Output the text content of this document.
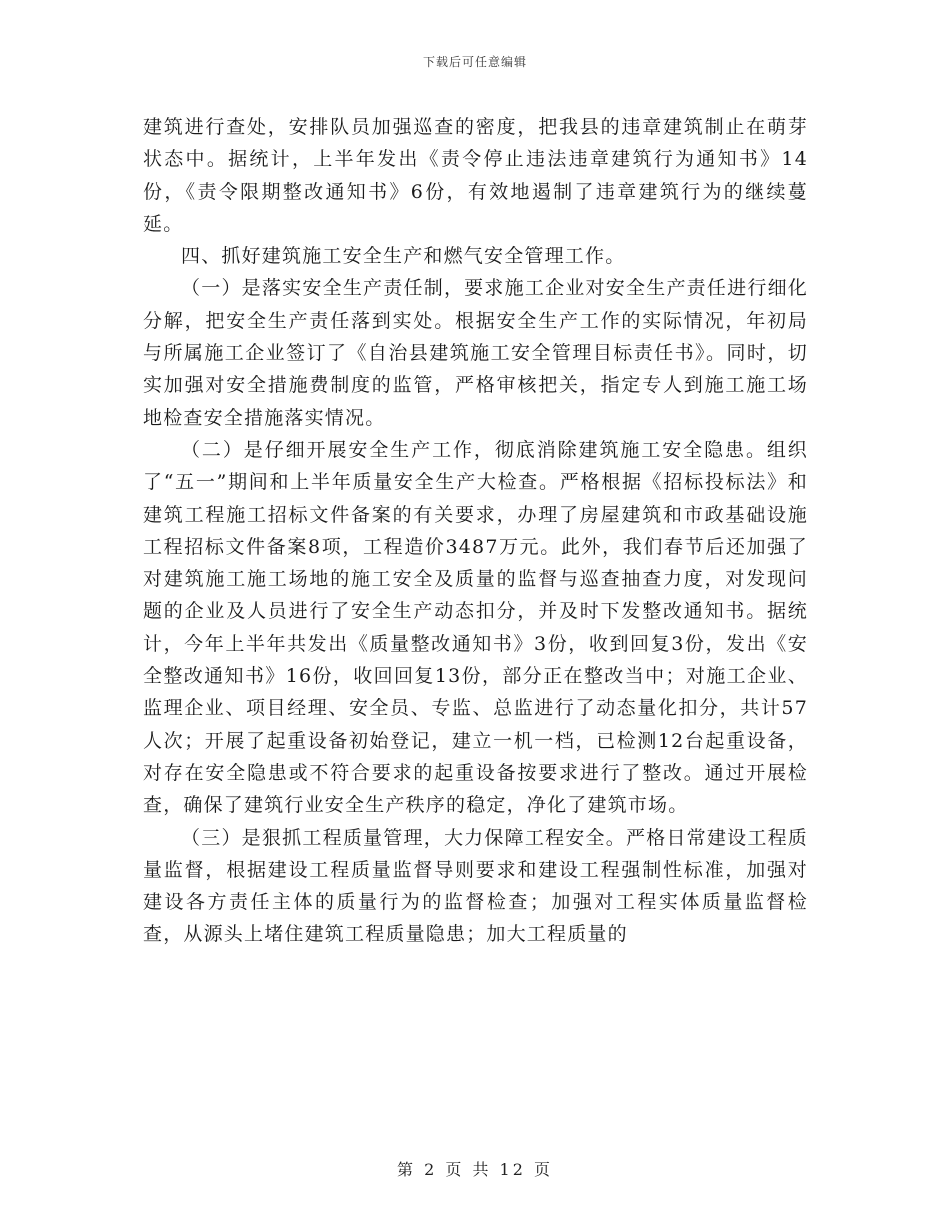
下载后可任意编辑

建筑进行查处，安排队员加强巡查的密度，把我县的违章建筑制止在萌芽状态中。据统计，上半年发出《责令停止违法违章建筑行为通知书》14份，《责令限期整改通知书》6份，有效地遏制了违章建筑行为的继续蔓延。

四、抓好建筑施工安全生产和燃气安全管理工作。

（一）是落实安全生产责任制，要求施工企业对安全生产责任进行细化分解，把安全生产责任落到实处。根据安全生产工作的实际情况，年初局与所属施工企业签订了《自治县建筑施工安全管理目标责任书》。同时，切实加强对安全措施费制度的监管，严格审核把关，指定专人到施工施工场地检查安全措施落实情况。

（二）是仔细开展安全生产工作，彻底消除建筑施工安全隐患。组织了“五一”期间和上半年质量安全生产大检查。严格根据《招标投标法》和建筑工程施工招标文件备案的有关要求，办理了房屋建筑和市政基础设施工程招标文件备案8项，工程造价3487万元。此外，我们春节后还加强了对建筑施工施工场地的施工安全及质量的监督与巡查抽查力度，对发现问题的企业及人员进行了安全生产动态扣分，并及时下发整改通知书。据统计，今年上半年共发出《质量整改通知书》3份，收到回复3份，发出《安全整改通知书》16份，收回回复13份，部分正在整改当中；对施工企业、监理企业、项目经理、安全员、专监、总监进行了动态量化扣分，共计57人次；开展了起重设备初始登记，建立一机一档，已检测12台起重设备，对存在安全隐患或不符合要求的起重设备按要求进行了整改。通过开展检查，确保了建筑行业安全生产秩序的稳定，净化了建筑市场。

（三）是狠抓工程质量管理，大力保障工程安全。严格日常建设工程质量监督，根据建设工程质量监督导则要求和建设工程强制性标准，加强对建设各方责任主体的质量行为的监督检查；加强对工程实体质量监督检查，从源头上堵住建筑工程质量隐患；加大工程质量的

第 2 页 共 12 页
